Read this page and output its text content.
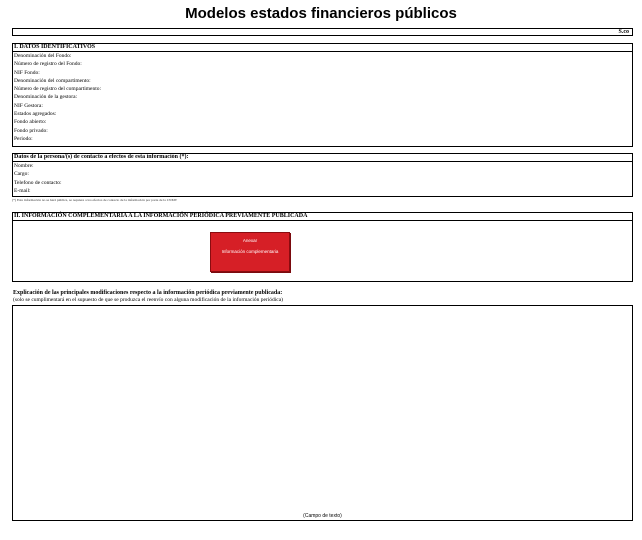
Modelos estados financieros públicos
S.co
I. DATOS IDENTIFICATIVOS
Denominación del Fondo:
Número de registro del Fondo:
NIF Fondo:
Denominación del compartimento:
Número de registro del compartimento:
Denominación de la gestora:
NIF Gestora:
Estados agregados:
Fondo abierto:
Fondo privado:
Periodo:
Datos de la persona/(s) de contacto a efectos de esta información (*):
Nombre:
Cargo:
Telefono de contacto:
E-mail:
(*) Esta información no se hará pública, se requiere a los efectos de contacto de la información por parte de la CNMV
II. INFORMACIÓN COMPLEMENTARIA A LA INFORMACIÓN PERIÓDICA PREVIAMENTE PUBLICADA
Anexar
Información complementaria
Explicación de las principales modificaciones respecto a la información periódica previamente publicada:
(solo se cumplimentará en el supuesto de que se produzca el reenvío con alguna modificación de la información periódica)
(Campo de texto)
